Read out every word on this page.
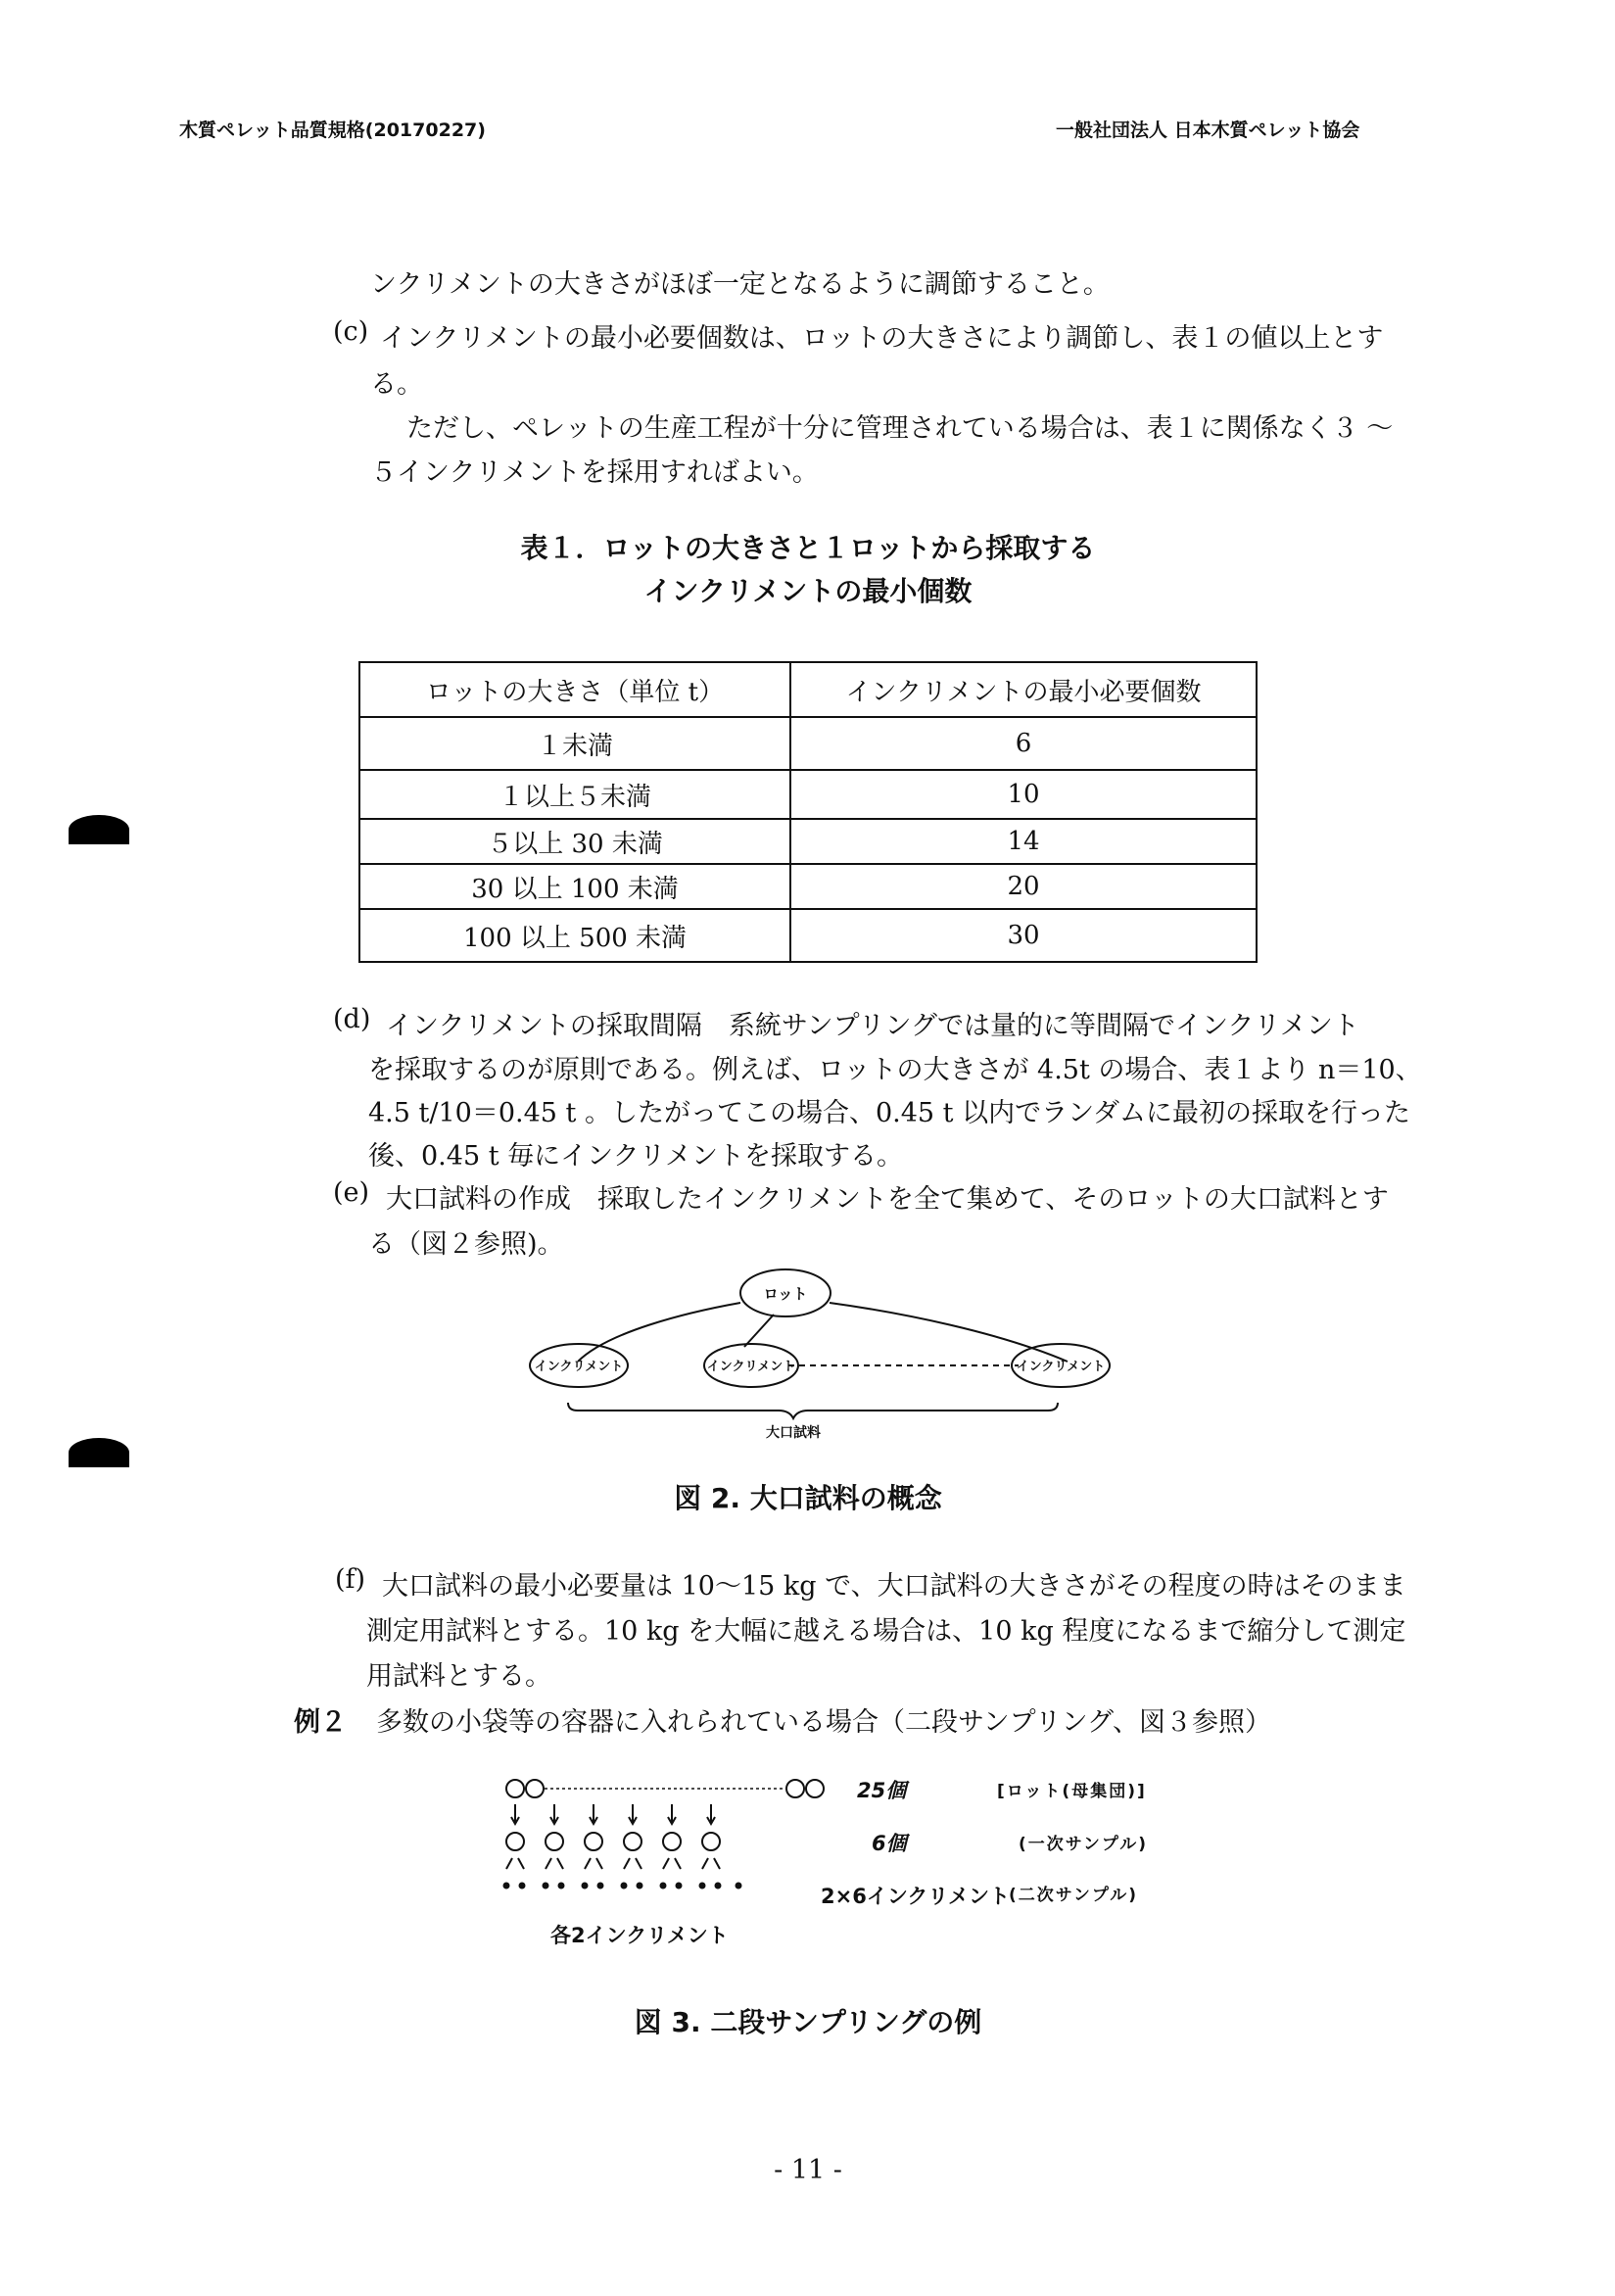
木質ペレット品質規格(20170227)	一般社団法人 日本木質ペレット協会
ンクリメントの大きさがほぼ一定となるように調節すること。
(c) インクリメントの最小必要個数は、ロットの大きさにより調節し、表１の値以上とす
る。
ただし、ペレットの生産工程が十分に管理されている場合は、表１に関係なく３ ～
５インクリメントを採用すればよい。
表１．ロットの大きさと１ロットから採取する
インクリメントの最小個数
ロットの大きさ（単位 t）	インクリメントの最小必要個数
１未満	6
１以上５未満	10
５以上 30 未満	14
30 以上 100 未満	20
100 以上 500 未満	30
(d) インクリメントの採取間隔　系統サンプリングでは量的に等間隔でインクリメント
を採取するのが原則である。例えば、ロットの大きさが 4.5t の場合、表１より n＝10、
4.5 t/10＝0.45 t 。したがってこの場合、0.45 t 以内でランダムに最初の採取を行った
後、0.45 t 毎にインクリメントを採取する。
(e) 大口試料の作成　採取したインクリメントを全て集めて、そのロットの大口試料とす
る（図２参照)。
ロット
インクリメント	インクリメント	インクリメント
大口試料
図 2. 大口試料の概念
(f) 大口試料の最小必要量は 10～15 kg で、大口試料の大きさがその程度の時はそのまま
測定用試料とする。10 kg を大幅に越える場合は、10 kg 程度になるまで縮分して測定
用試料とする。
例２ 多数の小袋等の容器に入れられている場合（二段サンプリング、図３参照）
25個	[ロット(母集団)]
6個	(一次サンプル)
2×6インクリメント (二次サンプル)
各2インクリメント
図 3. 二段サンプリングの例
- 11 -
